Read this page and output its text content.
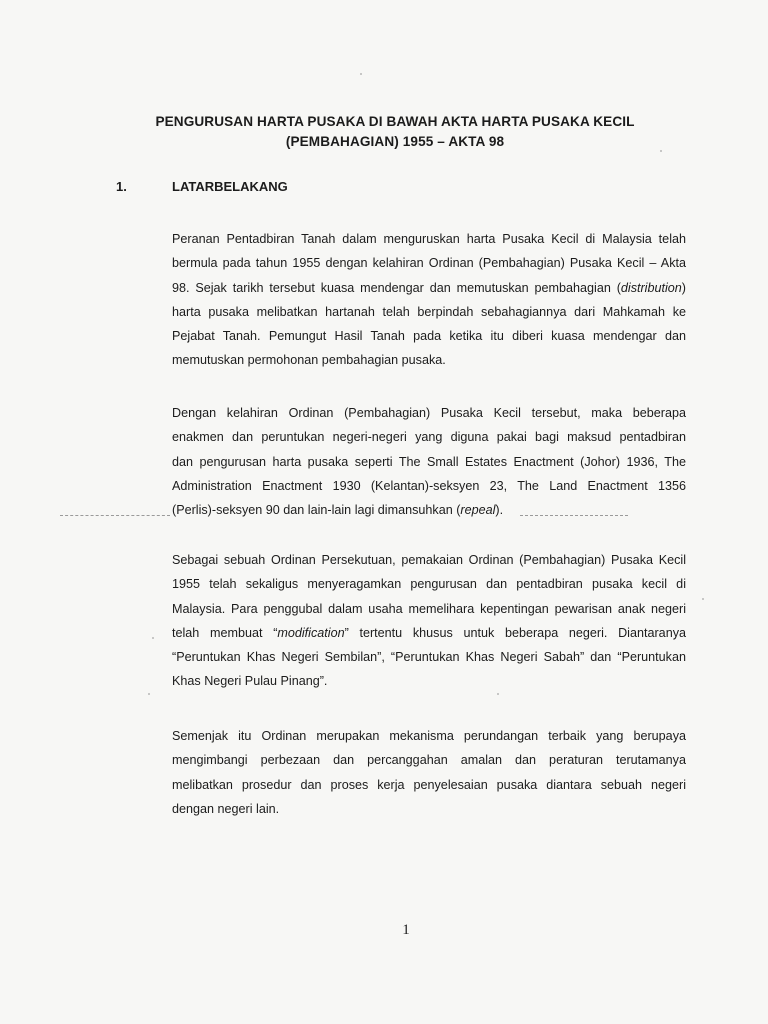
PENGURUSAN HARTA PUSAKA DI BAWAH AKTA HARTA PUSAKA KECIL
(PEMBAHAGIAN) 1955 – AKTA 98
1.	LATARBELAKANG
Peranan Pentadbiran Tanah dalam menguruskan harta Pusaka Kecil di Malaysia telah
bermula pada tahun 1955 dengan kelahiran Ordinan (Pembahagian) Pusaka Kecil – Akta
98. Sejak tarikh tersebut kuasa mendengar dan memutuskan pembahagian (distribution)
harta pusaka melibatkan hartanah telah berpindah sebahagiannya dari Mahkamah ke
Pejabat Tanah. Pemungut Hasil Tanah pada ketika itu diberi kuasa mendengar dan
memutuskan permohonan pembahagian pusaka.
Dengan kelahiran Ordinan (Pembahagian) Pusaka Kecil tersebut, maka beberapa
enakmen dan peruntukan negeri-negeri yang diguna pakai bagi maksud pentadbiran
dan pengurusan harta pusaka seperti The Small Estates Enactment (Johor) 1936, The
Administration Enactment 1930 (Kelantan)-seksyen 23, The Land Enactment 1356
(Perlis)-seksyen 90 dan lain-lain lagi dimansuhkan (repeal).
Sebagai sebuah Ordinan Persekutuan, pemakaian Ordinan (Pembahagian) Pusaka Kecil
1955 telah sekaligus menyeragamkan pengurusan dan pentadbiran pusaka kecil di
Malaysia. Para penggubal dalam usaha memelihara kepentingan pewarisan anak negeri
telah membuat “modification” tertentu khusus untuk beberapa negeri. Diantaranya
“Peruntukan Khas Negeri Sembilan”, “Peruntukan Khas Negeri Sabah” dan “Peruntukan
Khas Negeri Pulau Pinang”.
Semenjak itu Ordinan merupakan mekanisma perundangan terbaik yang berupaya
mengimbangi perbezaan dan percanggahan amalan dan peraturan terutamanya
melibatkan prosedur dan proses kerja penyelesaian pusaka diantara sebuah negeri
dengan negeri lain.
1
